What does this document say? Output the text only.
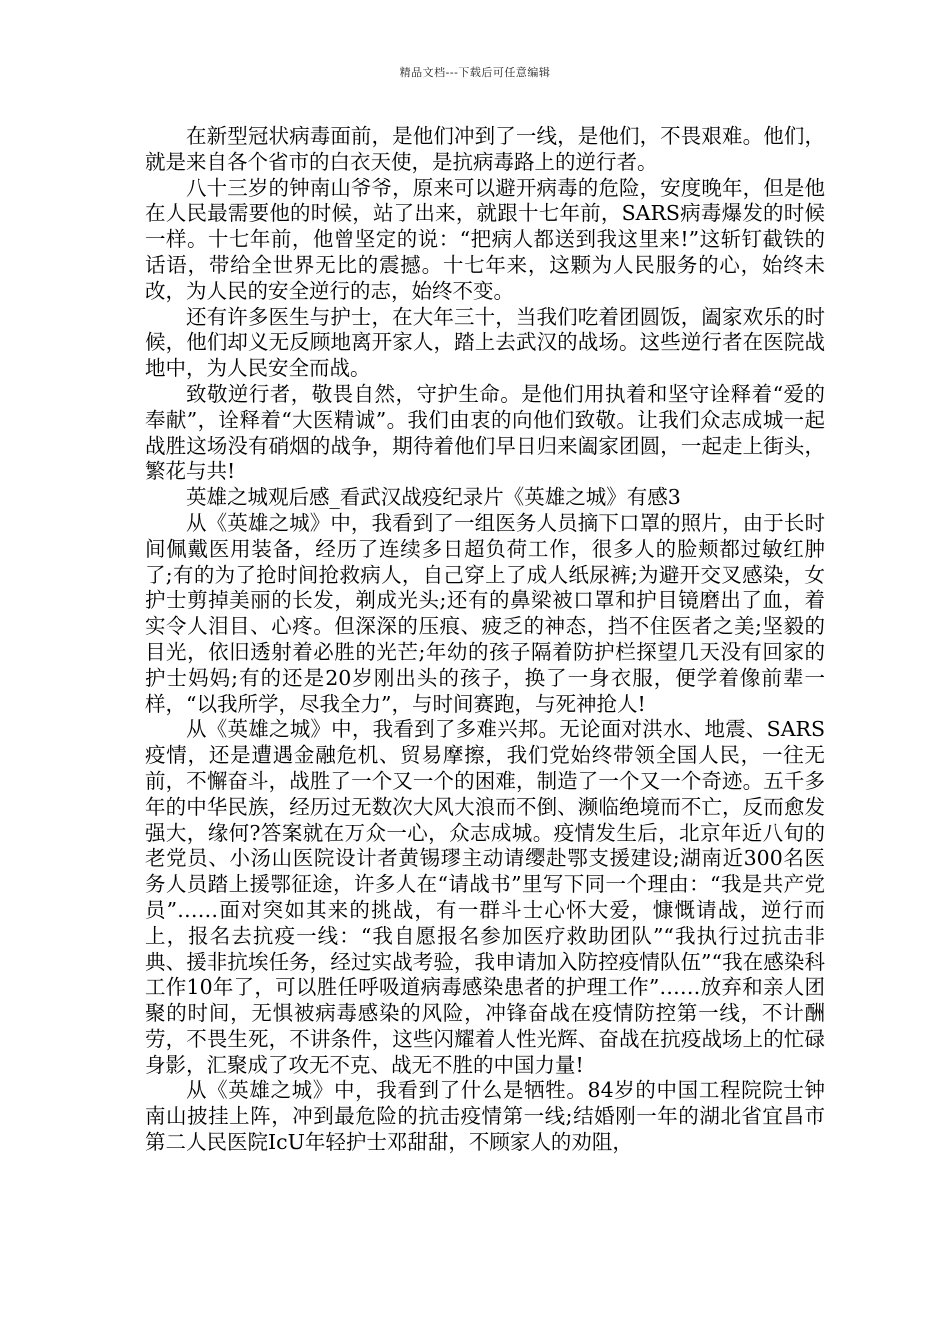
精品文档---下载后可任意编辑

在新型冠状病毒面前，是他们冲到了一线，是他们，不畏艰难。他们，就是来自各个省市的白衣天使，是抗病毒路上的逆行者。

八十三岁的钟南山爷爷，原来可以避开病毒的危险，安度晚年，但是他在人民最需要他的时候，站了出来，就跟十七年前，SARS病毒爆发的时候一样。十七年前，他曾坚定的说：“把病人都送到我这里来!”这斩钉截铁的话语，带给全世界无比的震撼。十七年来，这颗为人民服务的心，始终未改，为人民的安全逆行的志，始终不变。

还有许多医生与护士，在大年三十，当我们吃着团圆饭，阖家欢乐的时候，他们却义无反顾地离开家人，踏上去武汉的战场。这些逆行者在医院战地中，为人民安全而战。

致敬逆行者，敬畏自然，守护生命。是他们用执着和坚守诠释着“爱的奉献”，诠释着“大医精诚”。我们由衷的向他们致敬。让我们众志成城一起战胜这场没有硝烟的战争，期待着他们早日归来阖家团圆，一起走上街头，繁花与共!

英雄之城观后感_看武汉战疫纪录片《英雄之城》有感3

从《英雄之城》中，我看到了一组医务人员摘下口罩的照片，由于长时间佩戴医用装备，经历了连续多日超负荷工作，很多人的脸颊都过敏红肿了;有的为了抢时间抢救病人，自己穿上了成人纸尿裤;为避开交叉感染，女护士剪掉美丽的长发，剃成光头;还有的鼻梁被口罩和护目镜磨出了血，着实令人泪目、心疼。但深深的压痕、疲乏的神态，挡不住医者之美;坚毅的目光，依旧透射着必胜的光芒;年幼的孩子隔着防护栏探望几天没有回家的护士妈妈;有的还是20岁刚出头的孩子，换了一身衣服，便学着像前辈一样，“以我所学，尽我全力”，与时间赛跑，与死神抢人!

从《英雄之城》中，我看到了多难兴邦。无论面对洪水、地震、SARS疫情，还是遭遇金融危机、贸易摩擦，我们党始终带领全国人民，一往无前，不懈奋斗，战胜了一个又一个的困难，制造了一个又一个奇迹。五千多年的中华民族，经历过无数次大风大浪而不倒、濒临绝境而不亡，反而愈发强大，缘何?答案就在万众一心，众志成城。疫情发生后，北京年近八旬的老党员、小汤山医院设计者黄锡璆主动请缨赴鄂支援建设;湖南近300名医务人员踏上援鄂征途，许多人在“请战书”里写下同一个理由：“我是共产党员”……面对突如其来的挑战，有一群斗士心怀大爱，慷慨请战，逆行而上，报名去抗疫一线：“我自愿报名参加医疗救助团队”“我执行过抗击非典、援非抗埃任务，经过实战考验，我申请加入防控疫情队伍”“我在感染科工作10年了，可以胜任呼吸道病毒感染患者的护理工作”……放弃和亲人团聚的时间，无惧被病毒感染的风险，冲锋奋战在疫情防控第一线，不计酬劳，不畏生死，不讲条件，这些闪耀着人性光辉、奋战在抗疫战场上的忙碌身影，汇聚成了攻无不克、战无不胜的中国力量!

从《英雄之城》中，我看到了什么是牺牲。84岁的中国工程院院士钟南山披挂上阵，冲到最危险的抗击疫情第一线;结婚刚一年的湖北省宜昌市第二人民医院IcU年轻护士邓甜甜，不顾家人的劝阻，
